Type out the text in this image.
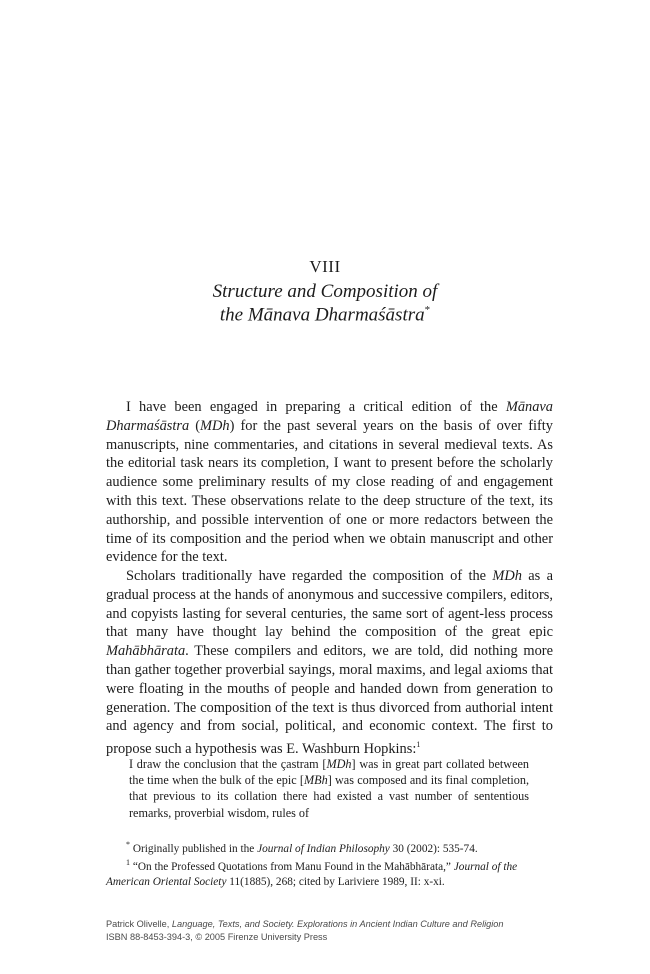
VIII
Structure and Composition of
the Mānava Dharmaśāstra*

I have been engaged in preparing a critical edition of the Mānava Dharmaśāstra (MDh) for the past several years on the basis of over fifty manuscripts, nine commentaries, and citations in several medieval texts. As the editorial task nears its completion, I want to present before the scholarly audience some preliminary results of my close reading of and engagement with this text. These observations relate to the deep structure of the text, its authorship, and possible intervention of one or more redactors between the time of its composition and the period when we obtain manuscript and other evidence for the text.

Scholars traditionally have regarded the composition of the MDh as a gradual process at the hands of anonymous and successive compilers, editors, and copyists lasting for several centuries, the same sort of agent-less process that many have thought lay behind the composition of the great epic Mahābhārata. These compilers and editors, we are told, did nothing more than gather together proverbial sayings, moral maxims, and legal axioms that were floating in the mouths of people and handed down from generation to generation. The composition of the text is thus divorced from authorial intent and agency and from social, political, and economic context. The first to propose such a hypothesis was E. Washburn Hopkins:$^1$

I draw the conclusion that the çastram [MDh] was in great part collated between the time when the bulk of the epic [MBh] was composed and its final completion, that previous to its collation there had existed a vast number of sententious remarks, proverbial wisdom, rules of

* Originally published in the Journal of Indian Philosophy 30 (2002): 535-74.

$^1$ “On the Professed Quotations from Manu Found in the Mahābhārata,” Journal of the American Oriental Society 11(1885), 268; cited by Lariviere 1989, II: x-xi.

Patrick Olivelle, Language, Texts, and Society. Explorations in Ancient Indian Culture and Religion
ISBN 88-8453-394-3, © 2005 Firenze University Press
